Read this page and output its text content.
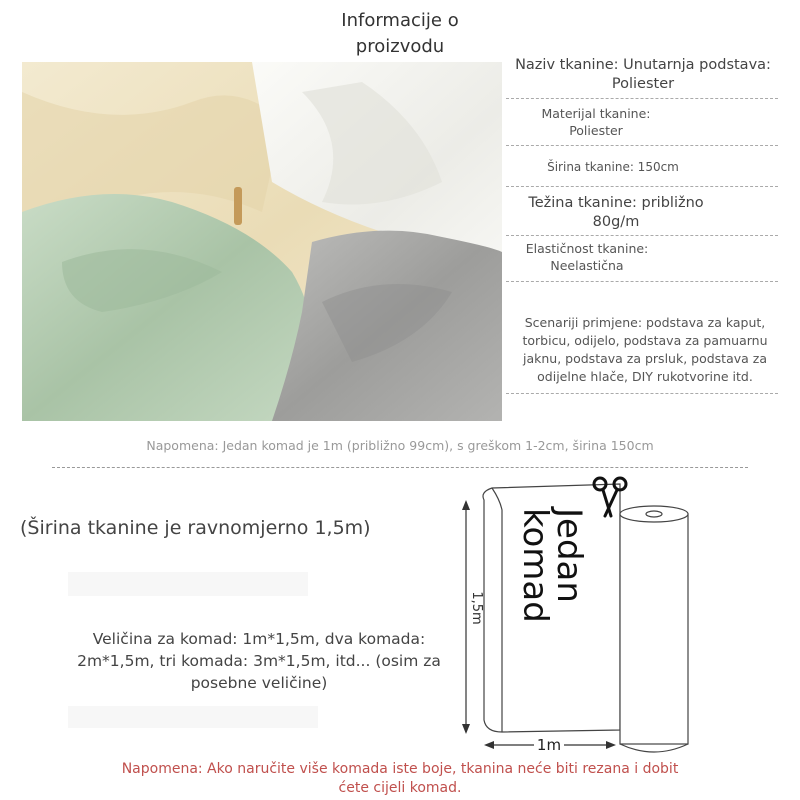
Informacije o proizvodu
Naziv tkanine: Unutarnja podstava: Poliester
Materijal tkanine: Poliester
Širina tkanine: 150cm
Težina tkanine: približno 80g/m
Elastičnost tkanine: Neelastična
Scenariji primjene: podstava za kaput, torbicu, odijelo, podstava za pamuarnu jaknu, podstava za prsluk, podstava za odijelne hlače, DIY rukotvorine itd.
Napomena: Jedan komad je 1m (približno 99cm), s greškom 1-2cm, širina 150cm
(Širina tkanine je ravnomjerno 1,5m)
Veličina za komad: 1m*1,5m, dva komada: 2m*1,5m, tri komada: 3m*1,5m, itd... (osim za posebne veličine)
Jedan komad
1,5m
1m
Napomena: Ako naručite više komada iste boje, tkanina neće biti rezana i dobit ćete cijeli komad.
